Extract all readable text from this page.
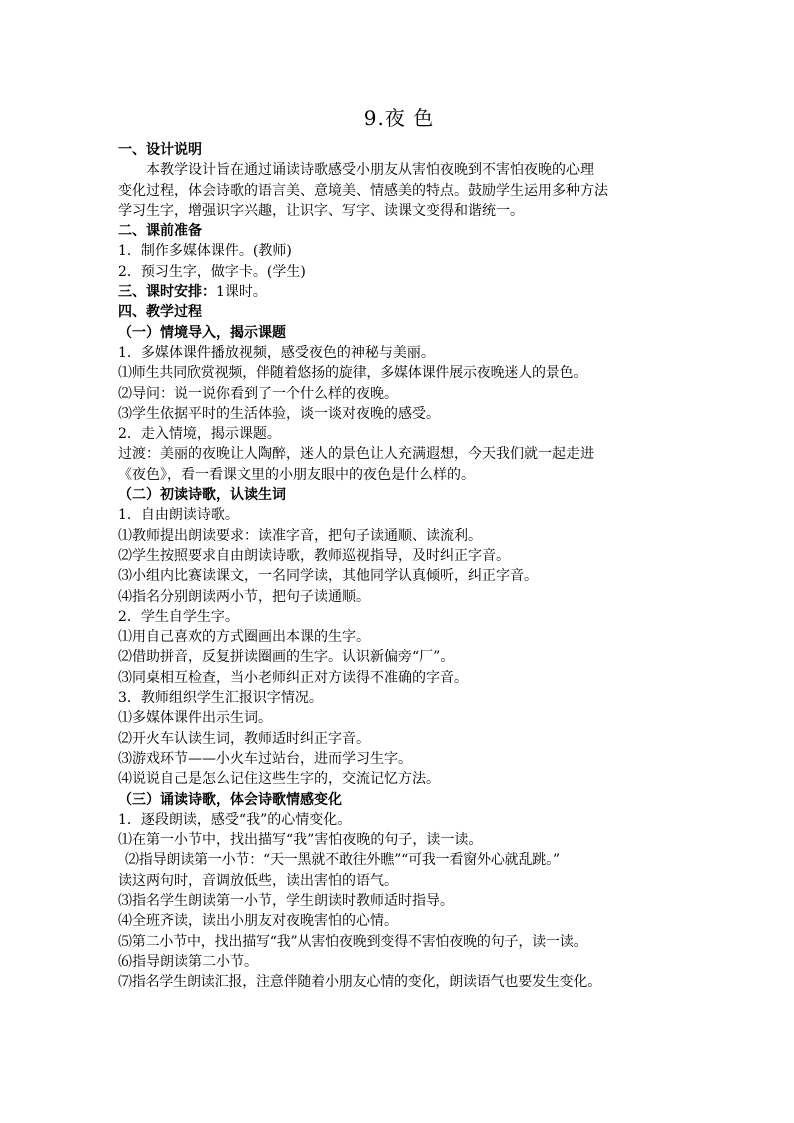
9.夜 色
一、设计说明
本教学设计旨在通过诵读诗歌感受小朋友从害怕夜晚到不害怕夜晚的心理
变化过程，体会诗歌的语言美、意境美、情感美的特点。鼓励学生运用多种方法
学习生字，增强识字兴趣，让识字、写字、读课文变得和谐统一。
二、课前准备
1．制作多媒体课件。(教师)
2．预习生字，做字卡。(学生)
三、课时安排：1课时。
四、教学过程
（一）情境导入，揭示课题
1．多媒体课件播放视频，感受夜色的神秘与美丽。
⑴师生共同欣赏视频，伴随着悠扬的旋律，多媒体课件展示夜晚迷人的景色。
⑵导问：说一说你看到了一个什么样的夜晚。
⑶学生依据平时的生活体验，谈一谈对夜晚的感受。
2．走入情境，揭示课题。
过渡：美丽的夜晚让人陶醉，迷人的景色让人充满遐想，今天我们就一起走进
《夜色》，看一看课文里的小朋友眼中的夜色是什么样的。
（二）初读诗歌，认读生词
1．自由朗读诗歌。
⑴教师提出朗读要求：读准字音，把句子读通顺、读流利。
⑵学生按照要求自由朗读诗歌，教师巡视指导，及时纠正字音。
⑶小组内比赛读课文，一名同学读，其他同学认真倾听，纠正字音。
⑷指名分别朗读两小节，把句子读通顺。
2．学生自学生字。
⑴用自己喜欢的方式圈画出本课的生字。
⑵借助拼音，反复拼读圈画的生字。认识新偏旁“厂”。
⑶同桌相互检查，当小老师纠正对方读得不准确的字音。
3．教师组织学生汇报识字情况。
⑴多媒体课件出示生词。
⑵开火车认读生词，教师适时纠正字音。
⑶游戏环节——小火车过站台，进而学习生字。
⑷说说自己是怎么记住这些生字的，交流记忆方法。
（三）诵读诗歌，体会诗歌情感变化
1．逐段朗读，感受“我”的心情变化。
⑴在第一小节中，找出描写“我”害怕夜晚的句子，读一读。
⑵指导朗读第一小节：“天一黑就不敢往外瞧”“可我一看窗外心就乱跳。”
读这两句时，音调放低些，读出害怕的语气。
⑶指名学生朗读第一小节，学生朗读时教师适时指导。
⑷全班齐读，读出小朋友对夜晚害怕的心情。
⑸第二小节中，找出描写“我”从害怕夜晚到变得不害怕夜晚的句子，读一读。
⑹指导朗读第二小节。
⑺指名学生朗读汇报，注意伴随着小朋友心情的变化，朗读语气也要发生变化。
